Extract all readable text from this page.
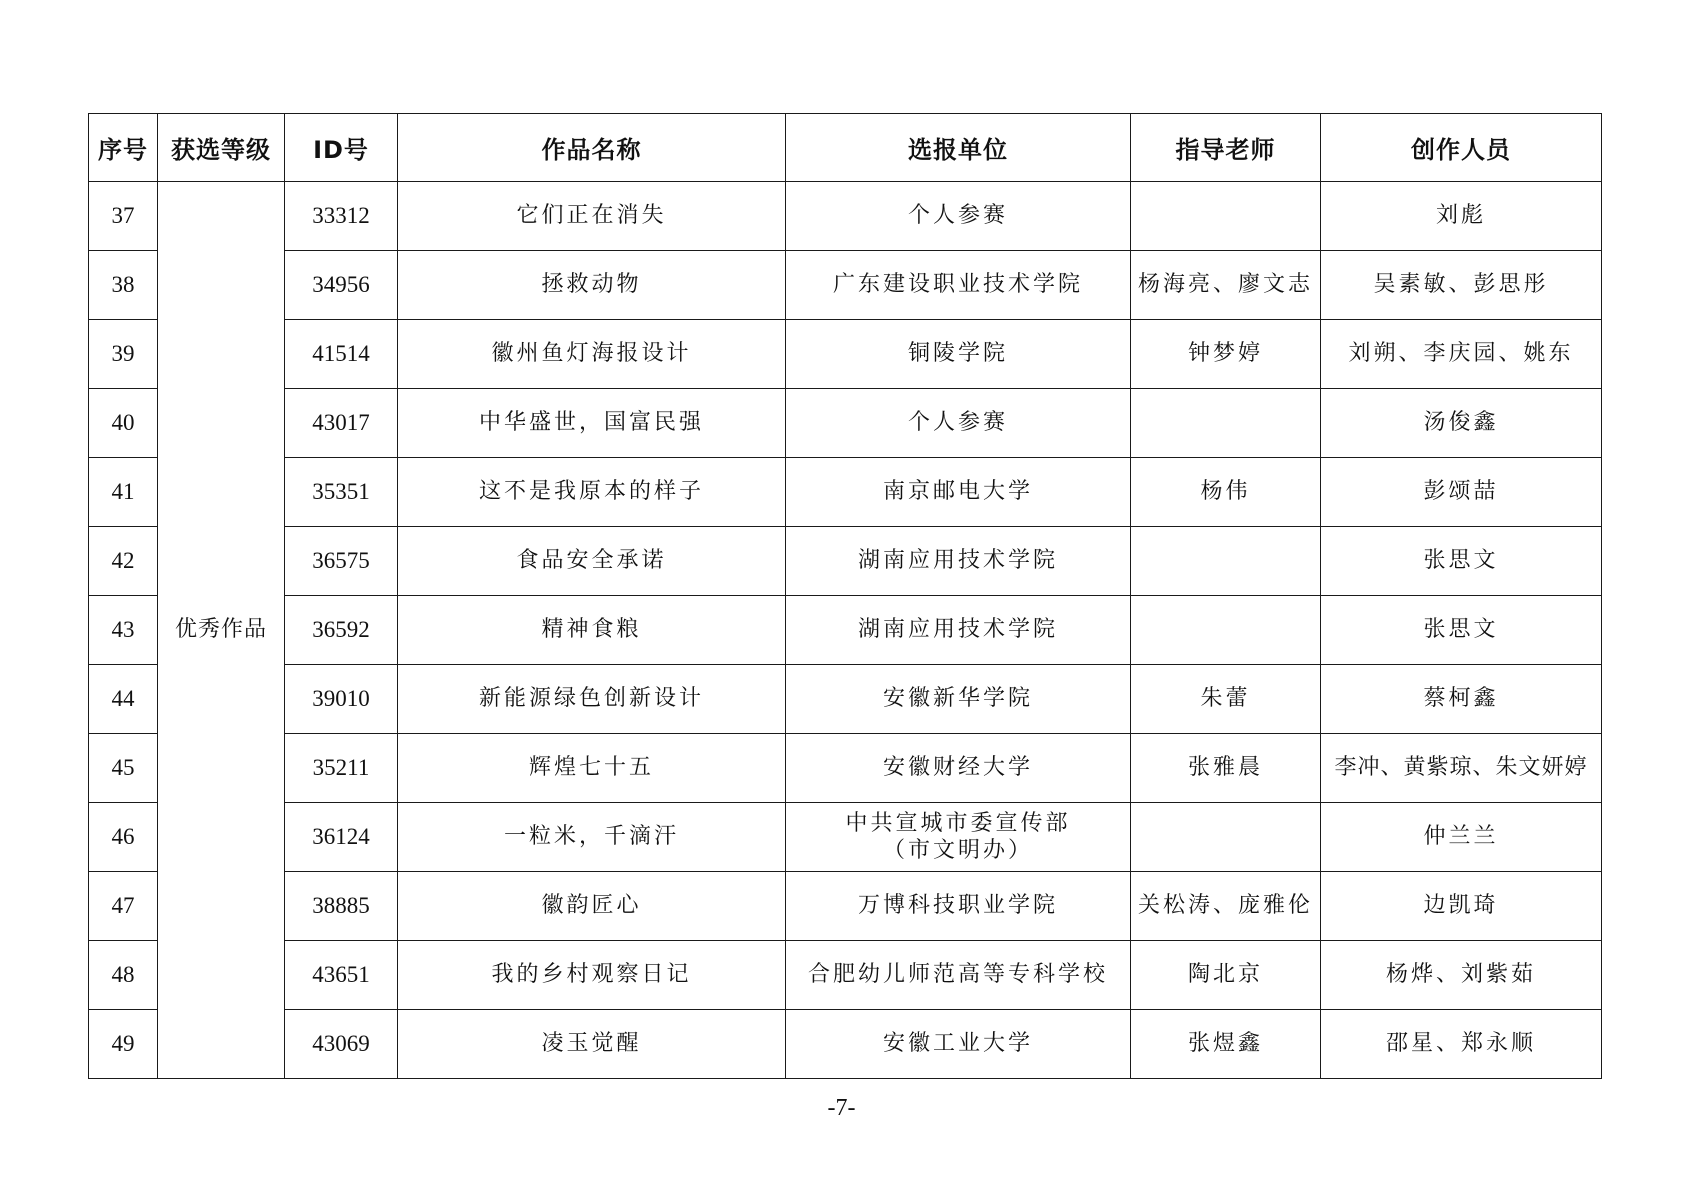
序号	获选等级	ID号	作品名称	选报单位	指导老师	创作人员
37	优秀作品	33312	它们正在消失	个人参赛		刘彪
38		34956	拯救动物	广东建设职业技术学院	杨海亮、廖文志	吴素敏、彭思彤
39		41514	徽州鱼灯海报设计	铜陵学院	钟梦婷	刘朔、李庆园、姚东
40		43017	中华盛世，国富民强	个人参赛		汤俊鑫
41		35351	这不是我原本的样子	南京邮电大学	杨伟	彭颂喆
42		36575	食品安全承诺	湖南应用技术学院		张思文
43		36592	精神食粮	湖南应用技术学院		张思文
44		39010	新能源绿色创新设计	安徽新华学院	朱蕾	蔡柯鑫
45		35211	辉煌七十五	安徽财经大学	张雅晨	李冲、黄紫琼、朱文妍婷
46		36124	一粒米，千滴汗	中共宣城市委宣传部
（市文明办）		仲兰兰
47		38885	徽韵匠心	万博科技职业学院	关松涛、庞雅伦	边凯琦
48		43651	我的乡村观察日记	合肥幼儿师范高等专科学校	陶北京	杨烨、刘紫茹
49		43069	凌玉觉醒	安徽工业大学	张煜鑫	邵星、郑永顺
-7-
